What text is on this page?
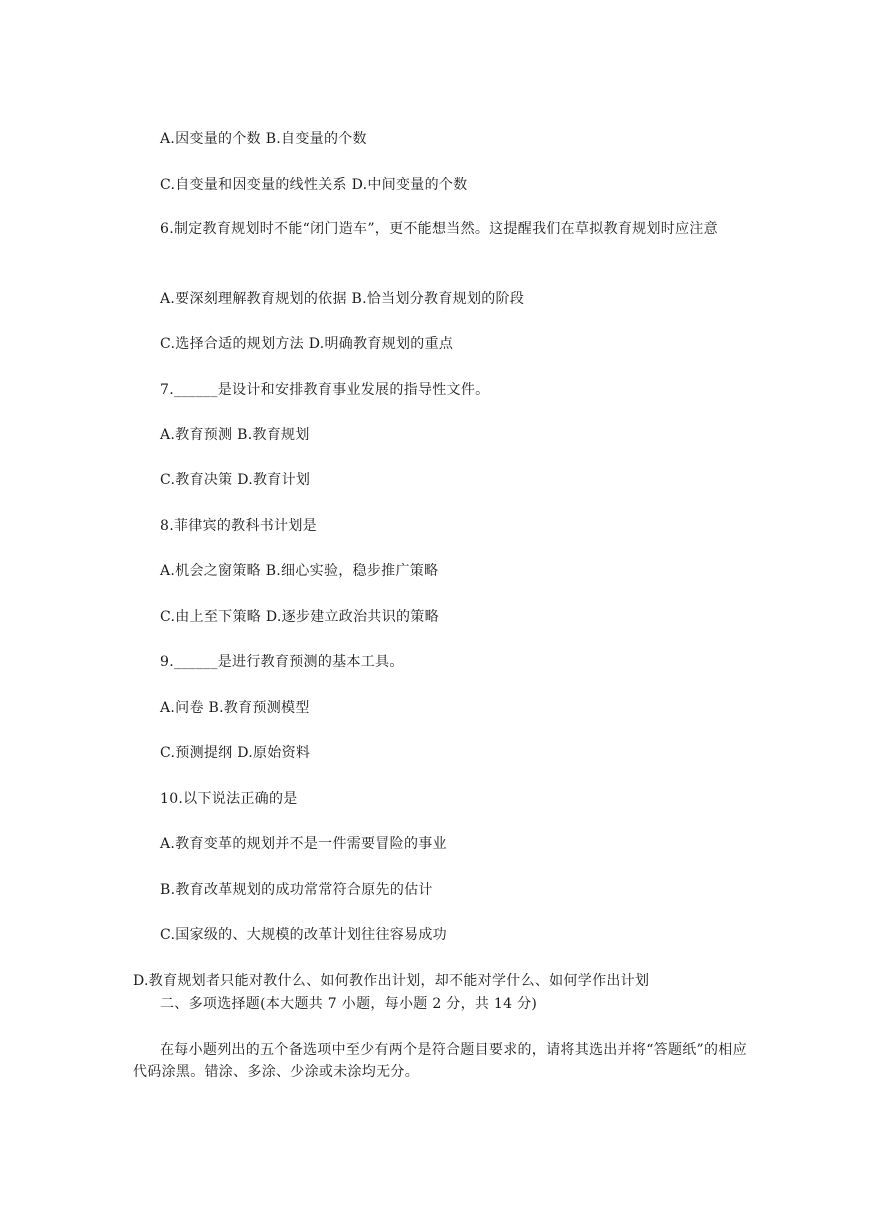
A.因变量的个数 B.自变量的个数
C.自变量和因变量的线性关系 D.中间变量的个数
6.制定教育规划时不能“闭门造车”，更不能想当然。这提醒我们在草拟教育规划时应注意
A.要深刻理解教育规划的依据 B.恰当划分教育规划的阶段
C.选择合适的规划方法 D.明确教育规划的重点
7.______是设计和安排教育事业发展的指导性文件。
A.教育预测 B.教育规划
C.教育决策 D.教育计划
8.菲律宾的教科书计划是
A.机会之窗策略 B.细心实验，稳步推广策略
C.由上至下策略 D.逐步建立政治共识的策略
9.______是进行教育预测的基本工具。
A.问卷 B.教育预测模型
C.预测提纲 D.原始资料
10.以下说法正确的是
A.教育变革的规划并不是一件需要冒险的事业
B.教育改革规划的成功常常符合原先的估计
C.国家级的、大规模的改革计划往往容易成功
D.教育规划者只能对教什么、如何教作出计划，却不能对学什么、如何学作出计划
二、多项选择题(本大题共 7 小题，每小题 2 分，共 14 分)
在每小题列出的五个备选项中至少有两个是符合题目要求的，请将其选出并将“答题纸”的相应代码涂黑。错涂、多涂、少涂或未涂均无分。
